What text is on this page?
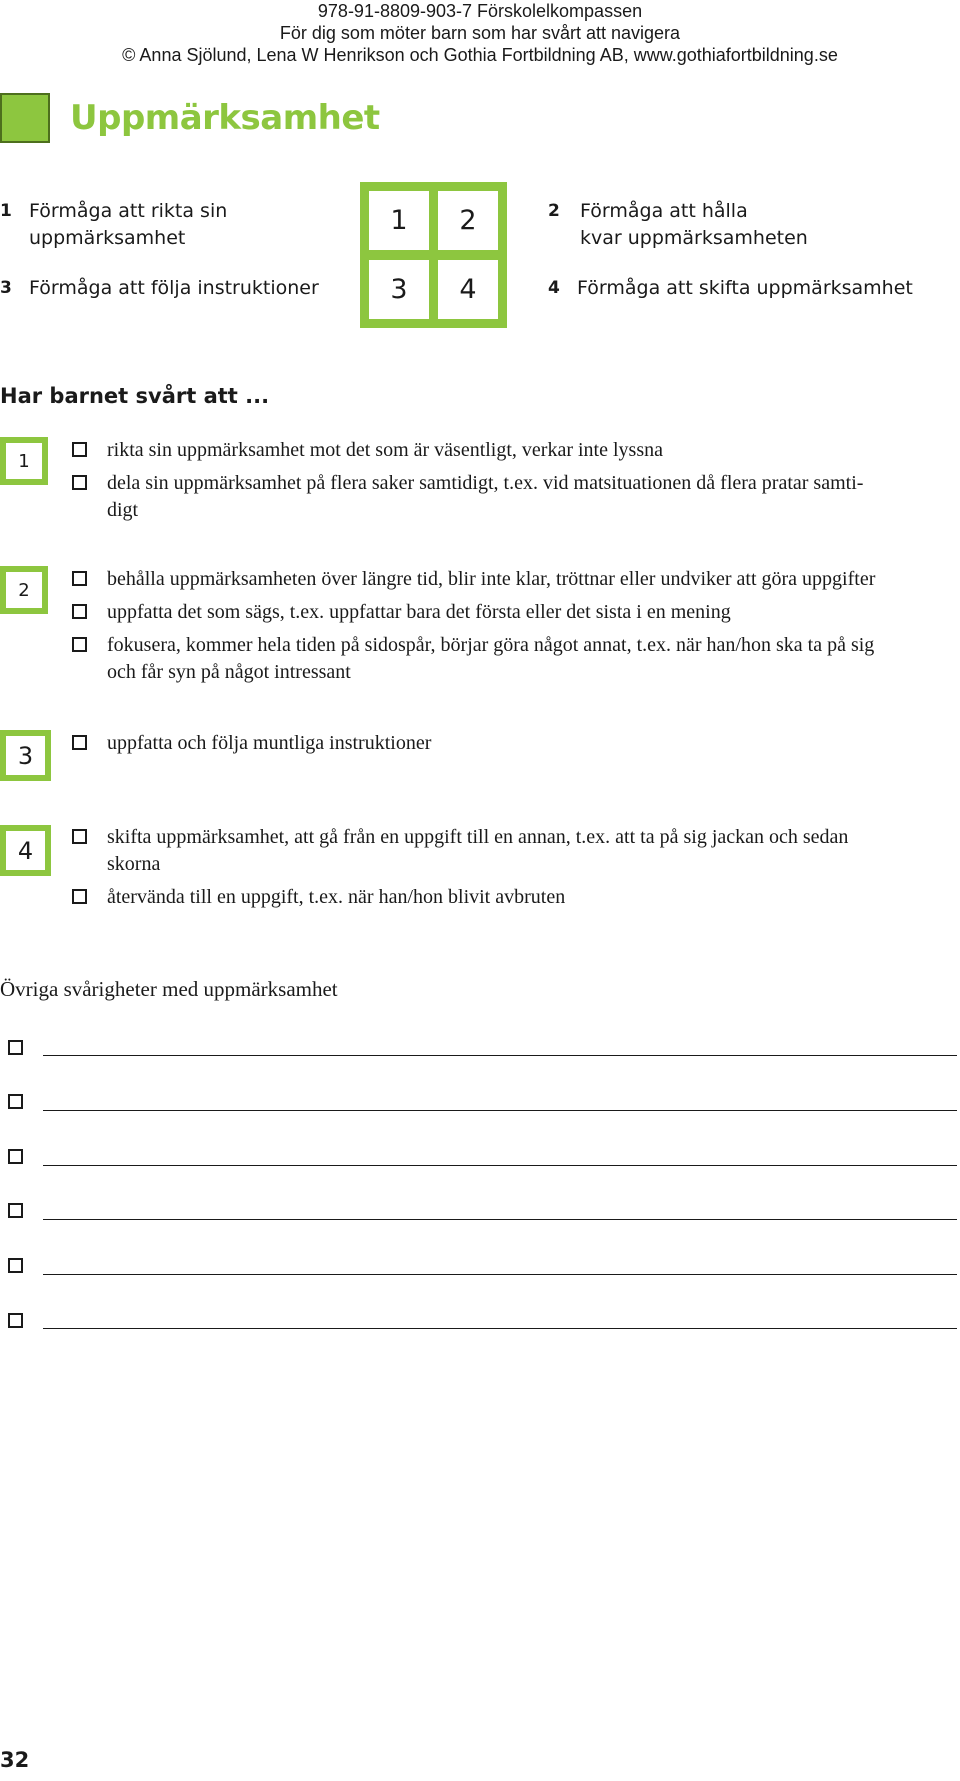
978-91-8809-903-7 Förskolelkompassen
För dig som möter barn som har svårt att navigera
© Anna Sjölund, Lena W Henrikson och Gothia Fortbildning AB, www.gothiafortbildning.se
Uppmärksamhet
1 Förmåga att rikta sin
uppmärksamhet
3 Förmåga att följa instruktioner
2 Förmåga att hålla
kvar uppmärksamheten
4 Förmåga att skifta uppmärksamhet
1	2
3	4
Har barnet svårt att ...
1	rikta sin uppmärksamhet mot det som är väsentligt, verkar inte lyssna
dela sin uppmärksamhet på flera saker samtidigt, t.ex. vid matsituationen då flera pratar samti-
digt
2	behålla uppmärksamheten över längre tid, blir inte klar, tröttnar eller undviker att göra uppgifter
uppfatta det som sägs, t.ex. uppfattar bara det första eller det sista i en mening
fokusera, kommer hela tiden på sidospår, börjar göra något annat, t.ex. när han/hon ska ta på sig
och får syn på något intressant
3	uppfatta och följa muntliga instruktioner
4	skifta uppmärksamhet, att gå från en uppgift till en annan, t.ex. att ta på sig jackan och sedan
skorna
återvända till en uppgift, t.ex. när han/hon blivit avbruten
Övriga svårigheter med uppmärksamhet
32
